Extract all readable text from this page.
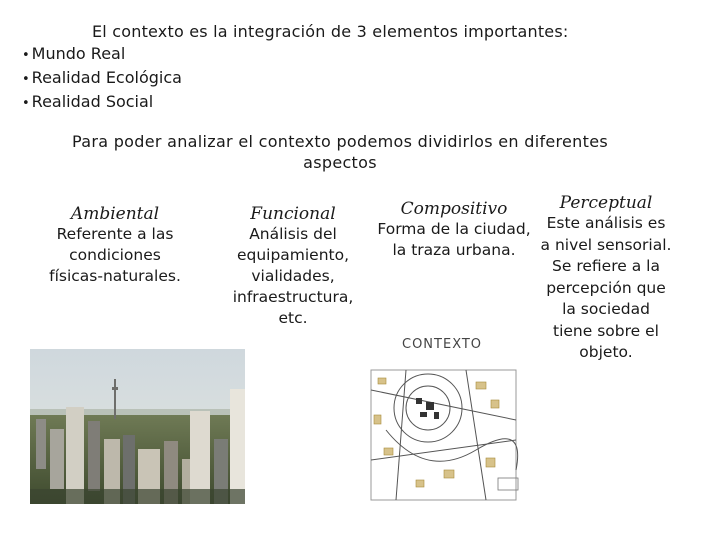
El contexto es la integración de 3 elementos importantes:
• Mundo Real
• Realidad Ecológica
• Realidad Social
Para poder analizar el contexto podemos dividirlos en diferentes aspectos
Ambiental
Referente a las condiciones físicas-naturales.
Funcional
Análisis del equipamiento, vialidades, infraestructura, etc.
Compositivo
Forma de la ciudad, la traza urbana.
Perceptual
Este análisis es a nivel sensorial. Se refiere a la percepción que la sociedad tiene sobre el objeto.
CONTEXTO
